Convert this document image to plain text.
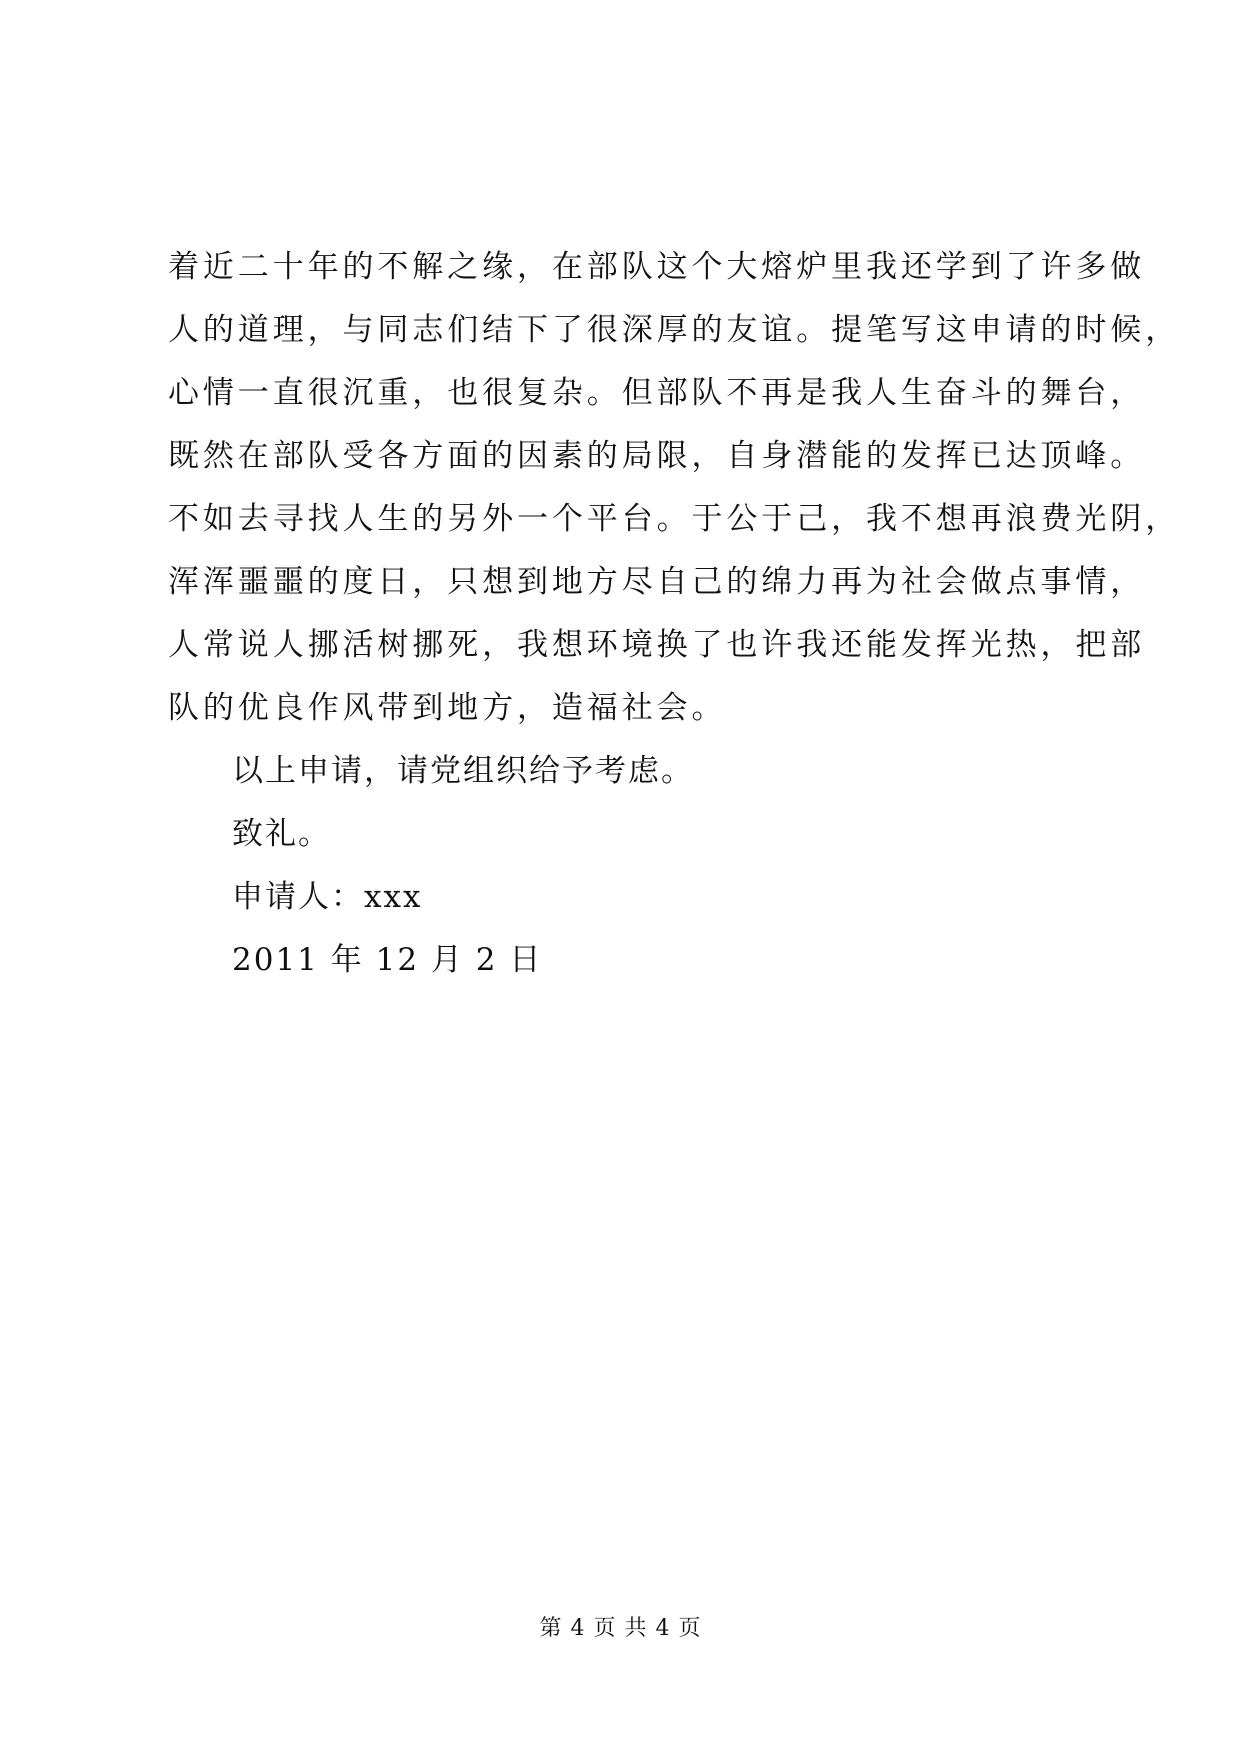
着近二十年的不解之缘，在部队这个大熔炉里我还学到了许多做
人的道理，与同志们结下了很深厚的友谊。提笔写这申请的时候，
心情一直很沉重，也很复杂。但部队不再是我人生奋斗的舞台，
既然在部队受各方面的因素的局限，自身潜能的发挥已达顶峰。
不如去寻找人生的另外一个平台。于公于己，我不想再浪费光阴，
浑浑噩噩的度日，只想到地方尽自己的绵力再为社会做点事情，
人常说人挪活树挪死，我想环境换了也许我还能发挥光热，把部
队的优良作风带到地方，造福社会。
以上申请，请党组织给予考虑。
致礼。
申请人：xxx
2011 年 12 月 2 日
第 4 页 共 4 页
